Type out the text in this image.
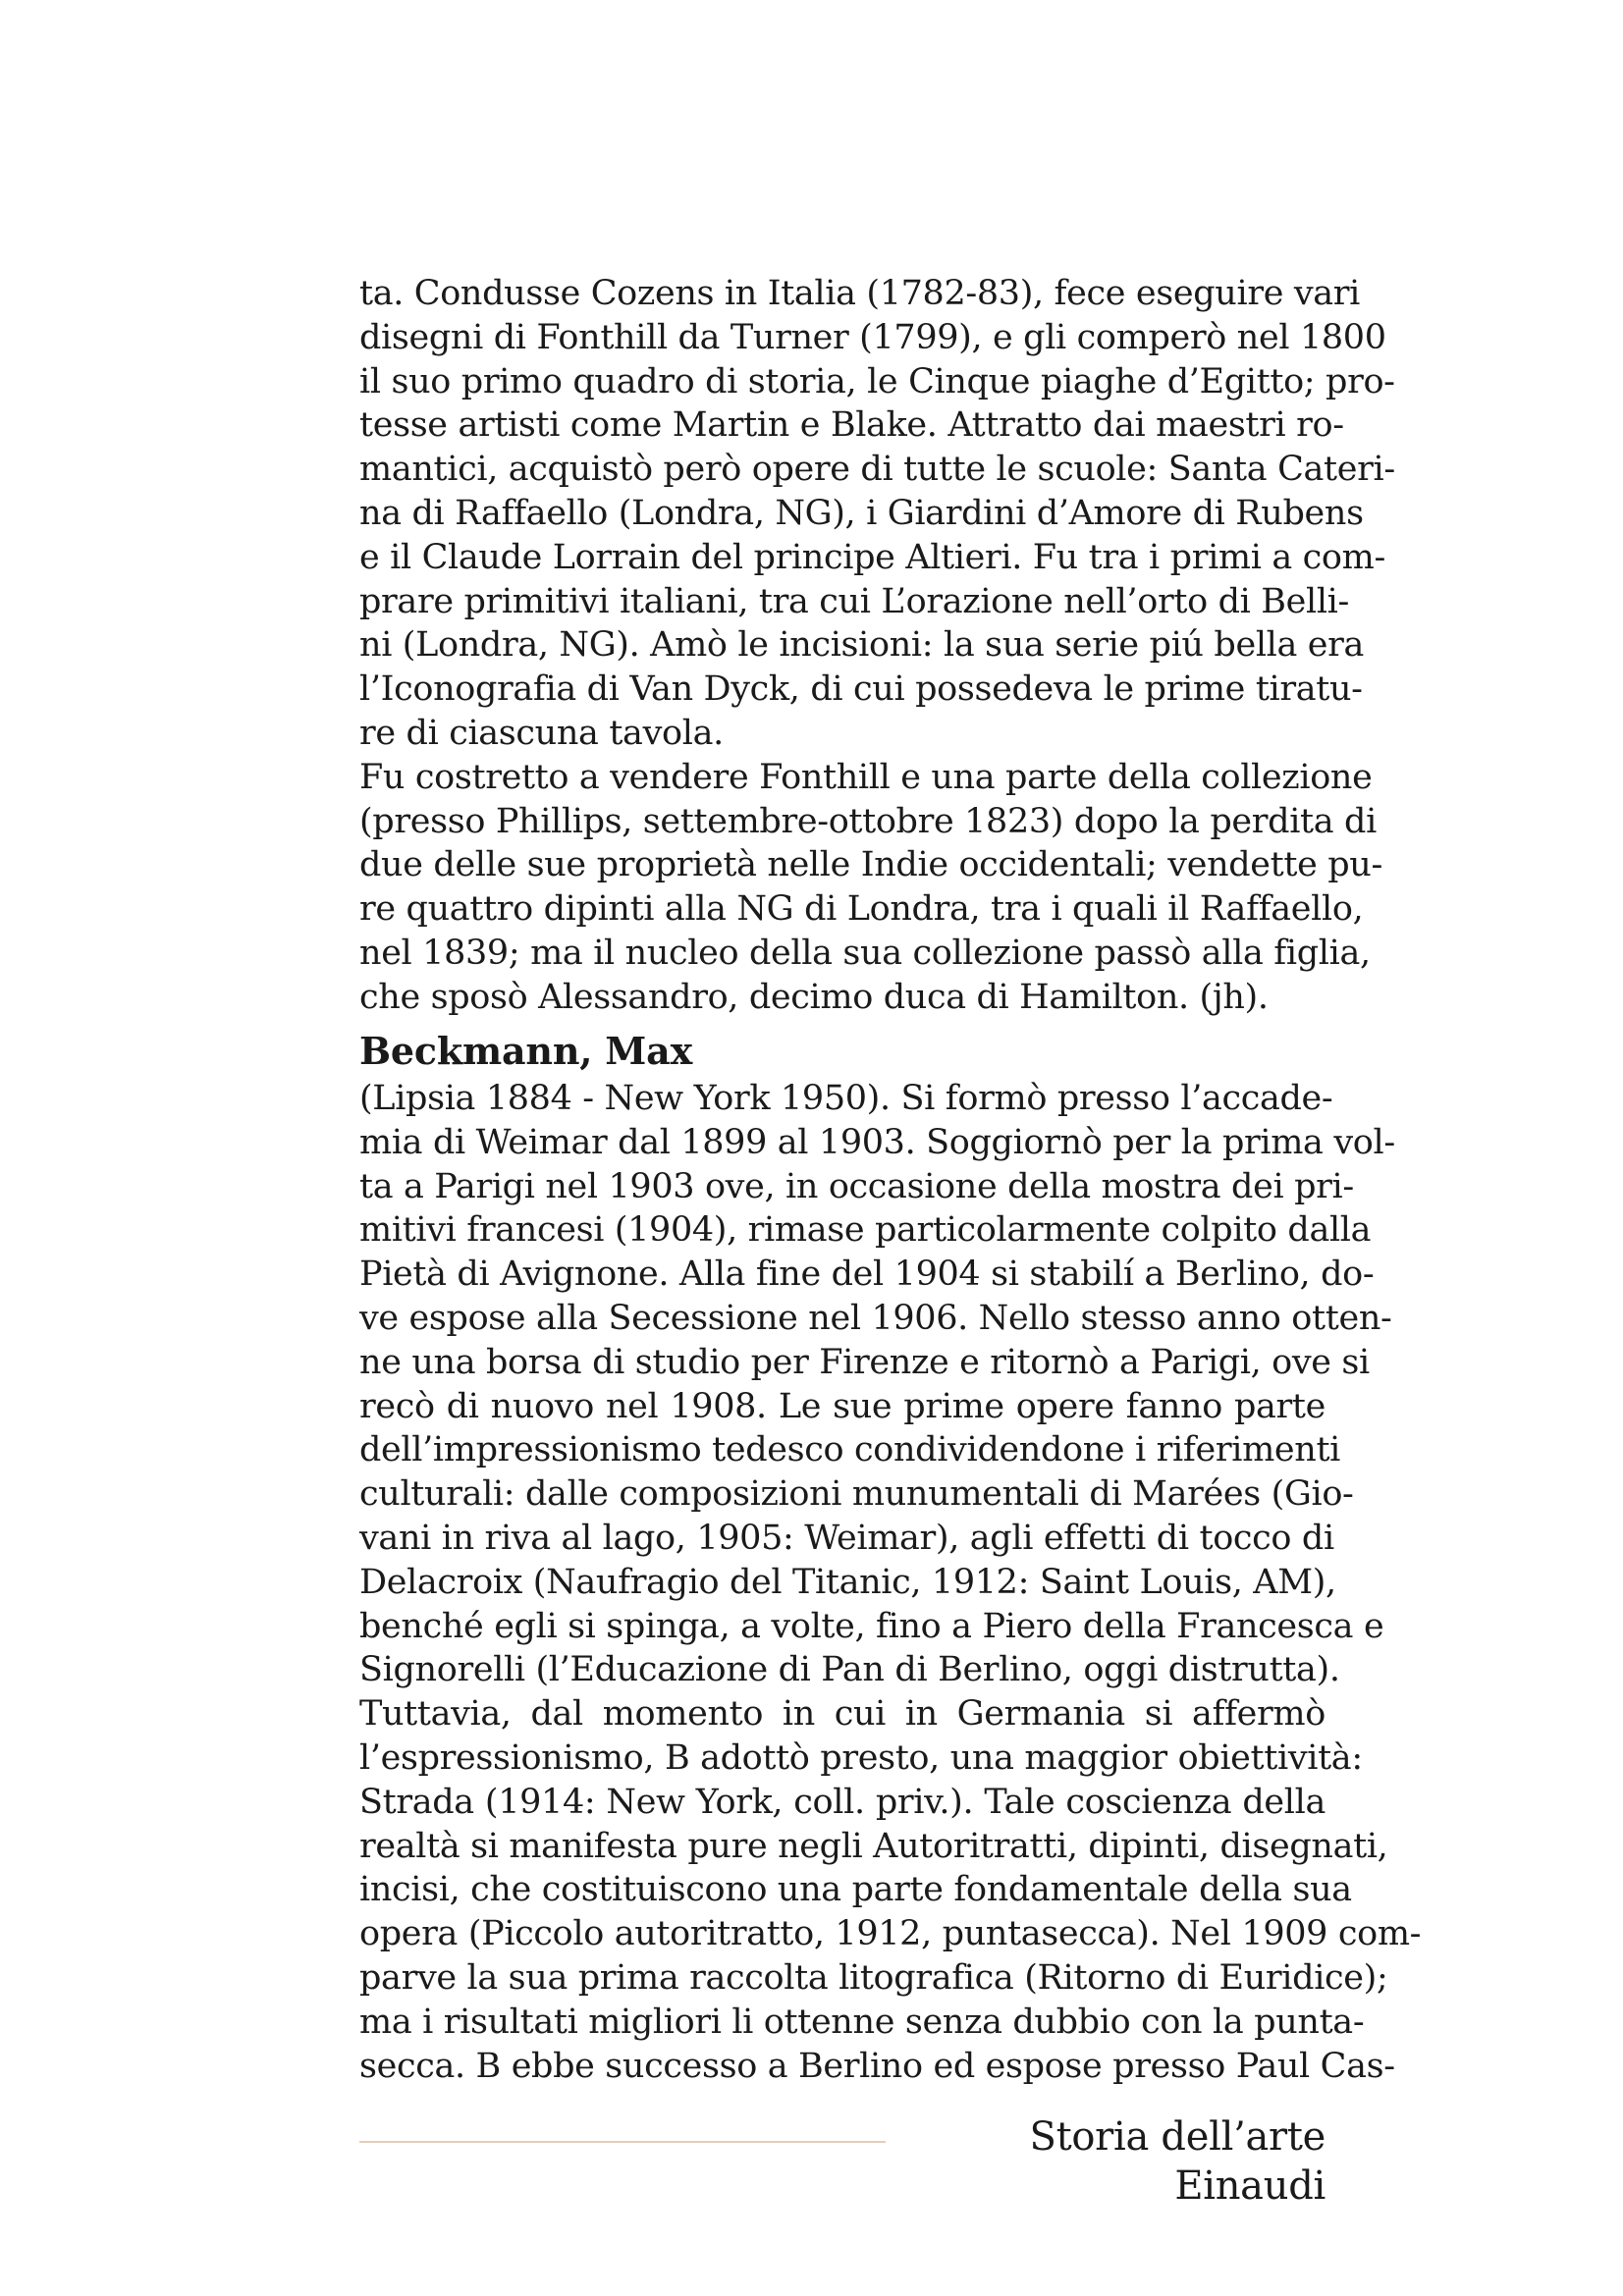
ta. Condusse Cozens in Italia (1782-83), fece eseguire vari
disegni di Fonthill da Turner (1799), e gli comperò nel 1800
il suo primo quadro di storia, le Cinque piaghe d’Egitto; pro-
tesse artisti come Martin e Blake. Attratto dai maestri ro-
mantici, acquistò però opere di tutte le scuole: Santa Cateri-
na di Raffaello (Londra, NG), i Giardini d’Amore di Rubens
e il Claude Lorrain del principe Altieri. Fu tra i primi a com-
prare primitivi italiani, tra cui L’orazione nell’orto di Belli-
ni (Londra, NG). Amò le incisioni: la sua serie piú bella era
l’Iconografia di Van Dyck, di cui possedeva le prime tiratu-
re di ciascuna tavola.

Fu costretto a vendere Fonthill e una parte della collezione
(presso Phillips, settembre-ottobre 1823) dopo la perdita di
due delle sue proprietà nelle Indie occidentali; vendette pu-
re quattro dipinti alla NG di Londra, tra i quali il Raffaello,
nel 1839; ma il nucleo della sua collezione passò alla figlia,
che sposò Alessandro, decimo duca di Hamilton. (jh).

Beckmann, Max

(Lipsia 1884 - New York 1950). Si formò presso l’accade-
mia di Weimar dal 1899 al 1903. Soggiornò per la prima vol-
ta a Parigi nel 1903 ove, in occasione della mostra dei pri-
mitivi francesi (1904), rimase particolarmente colpito dalla
Pietà di Avignone. Alla fine del 1904 si stabilí a Berlino, do-
ve espose alla Secessione nel 1906. Nello stesso anno otten-
ne una borsa di studio per Firenze e ritornò a Parigi, ove si
recò di nuovo nel 1908. Le sue prime opere fanno parte
dell’impressionismo tedesco condividendone i riferimenti
culturali: dalle composizioni munumentali di Marées (Gio-
vani in riva al lago, 1905: Weimar), agli effetti di tocco di
Delacroix (Naufragio del Titanic, 1912: Saint Louis, AM),
benché egli si spinga, a volte, fino a Piero della Francesca e
Signorelli (l’Educazione di Pan di Berlino, oggi distrutta).
Tuttavia, dal momento in cui in Germania si affermò
l’espressionismo, B adottò presto, una maggior obiettività:
Strada (1914: New York, coll. priv.). Tale coscienza della
realtà si manifesta pure negli Autoritratti, dipinti, disegnati,
incisi, che costituiscono una parte fondamentale della sua
opera (Piccolo autoritratto, 1912, puntasecca). Nel 1909 com-
parve la sua prima raccolta litografica (Ritorno di Euridice);
ma i risultati migliori li ottenne senza dubbio con la punta-
secca. B ebbe successo a Berlino ed espose presso Paul Cas-

Storia dell’arte Einaudi
